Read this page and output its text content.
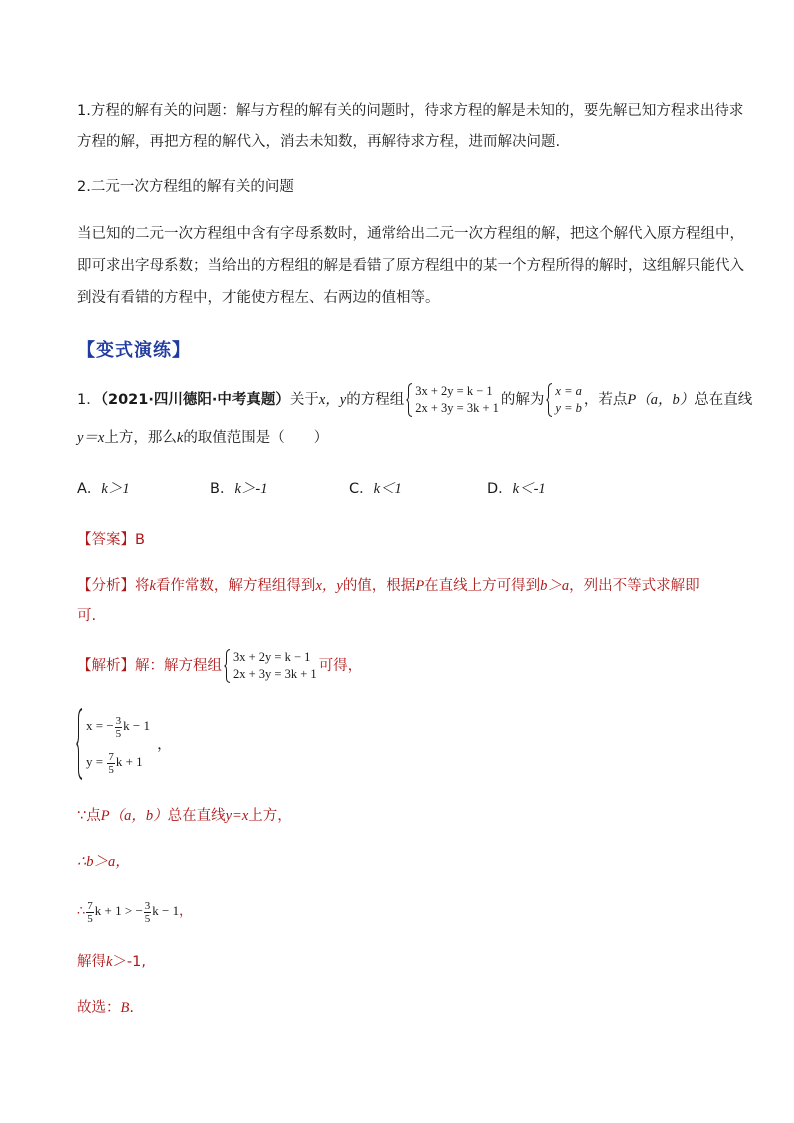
1.方程的解有关的问题：解与方程的解有关的问题时，待求方程的解是未知的，要先解已知方程求出待求
方程的解，再把方程的解代入，消去未知数，再解待求方程，进而解决问题.
2.二元一次方程组的解有关的问题
当已知的二元一次方程组中含有字母系数时，通常给出二元一次方程组的解，把这个解代入原方程组中，
即可求出字母系数；当给出的方程组的解是看错了原方程组中的某一个方程所得的解时，这组解只能代入
到没有看错的方程中，才能使方程左、右两边的值相等。
【变式演练】
1．（2021·四川德阳·中考真题）关于x，y的方程组
3x + 2y = k − 1
2x + 3y = 3k + 1 的解为
x = a
y = b ，若点P（a，b）总在直线
y＝x上方，那么k的取值范围是（　　）
A．k＞1	B．k＞-1	C．k＜1	D．k＜-1
【答案】B
【分析】将k看作常数，解方程组得到x，y的值，根据P在直线上方可得到b＞a，列出不等式求解即
可.
【解析】解：解方程组
3x + 2y = k − 1
2x + 3y = 3k + 1 可得，
x = − $\frac{3}{5}$ k − 1
$y = \frac{7}{5}$ k + 1
，
∵点P（a，b）总在直线y=x上方，
∴b＞a，
∴ $\frac{7}{5}$ k + 1 > − $\frac{3}{5}$ k − 1，
解得k＞-1,
故选：B.
